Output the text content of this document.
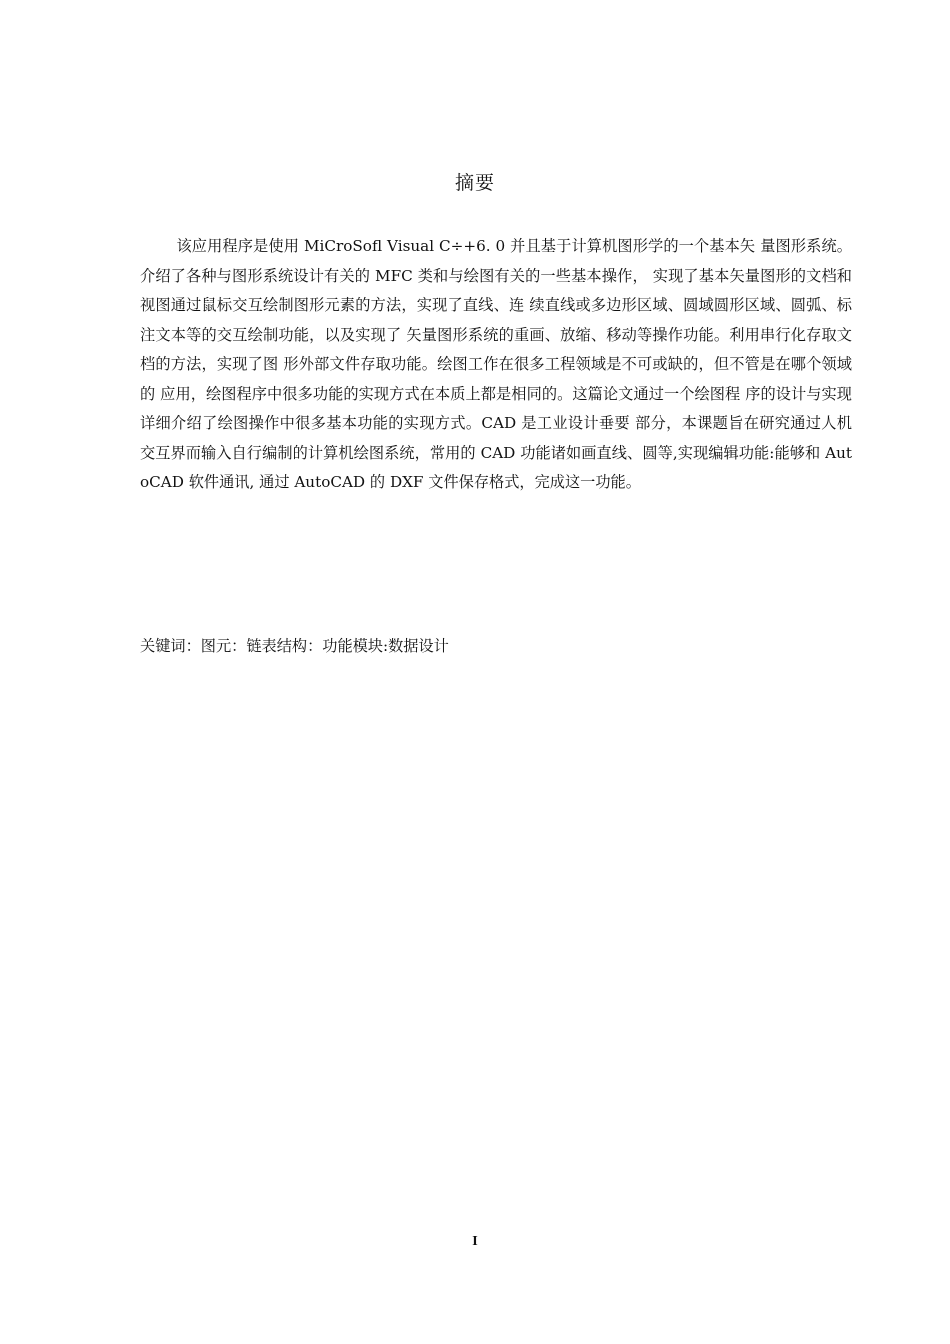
摘要

该应用程序是使用 MiCroSofl Visual C÷+6. 0 并且基于计算机图形学的一个基本矢 量图形系统。介绍了各种与图形系统设计有关的 MFC 类和与绘图有关的一些基本操作， 实现了基本矢量图形的文档和视图通过鼠标交互绘制图形元素的方法，实现了直线、连 续直线或多边形区域、圆域圆形区域、圆弧、标注文本等的交互绘制功能，以及实现了 矢量图形系统的重画、放缩、移动等操作功能。利用串行化存取文档的方法，实现了图 形外部文件存取功能。绘图工作在很多工程领域是不可或缺的，但不管是在哪个领域的 应用，绘图程序中很多功能的实现方式在本质上都是相同的。这篇论文通过一个绘图程 序的设计与实现详细介绍了绘图操作中很多基本功能的实现方式。CAD 是工业设计垂要 部分，本课题旨在研究通过人机交互界而输入自行编制的计算机绘图系统，常用的 CAD 功能诸如画直线、圆等,实现编辑功能:能够和 AutoCAD 软件通讯, 通过 AutoCAD 的 DXF 文件保存格式，完成这一功能。

关键词：图元：链表结构：功能模块:数据设计

I
